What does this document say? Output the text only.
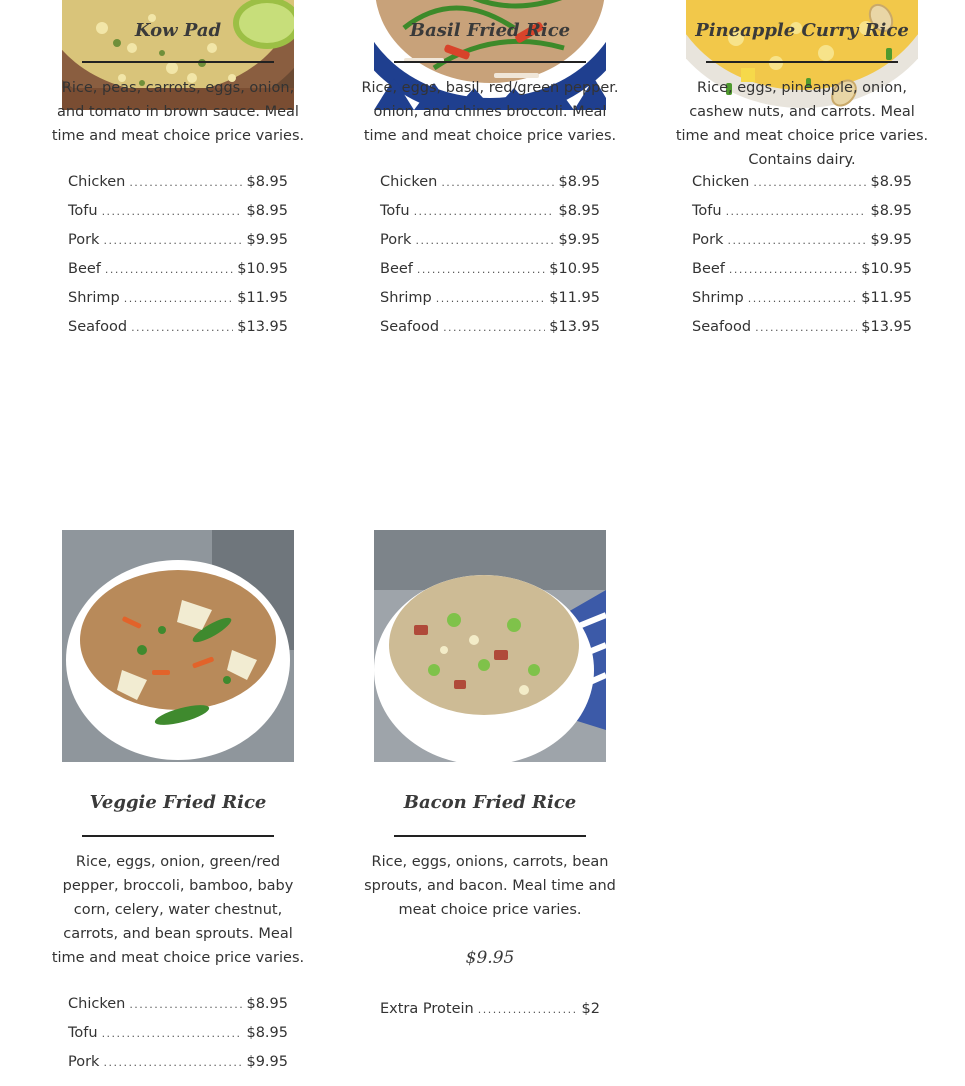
Kow Pad

Rice, peas, carrots, eggs, onion, and tomato in brown sauce. Meal time and meat choice price varies.

Chicken .....	$8.95
Tofu .....	$8.95
Pork .....	$9.95
Beef .....	$10.95
Shrimp .....	$11.95
Seafood .....	$13.95
Basil Fried Rice

Rice, eggs, basil, red/green pepper. onion, and chines broccoli. Meal time and meat choice price varies.

Chicken .....	$8.95
Tofu .....	$8.95
Pork .....	$9.95
Beef .....	$10.95
Shrimp .....	$11.95
Seafood .....	$13.95
Pineapple Curry Rice

Rice, eggs, pineapple, onion, cashew nuts, and carrots. Meal time and meat choice price varies. Contains dairy.

Chicken .....	$8.95
Tofu .....	$8.95
Pork .....	$9.95
Beef .....	$10.95
Shrimp .....	$11.95
Seafood .....	$13.95
Veggie Fried Rice

Rice, eggs, onion, green/red pepper, broccoli, bamboo, baby corn, celery, water chestnut, carrots, and bean sprouts. Meal time and meat choice price varies.

Chicken .....	$8.95
Tofu .....	$8.95
Pork .....	$9.95
Bacon Fried Rice

Rice, eggs, onions, carrots, bean sprouts, and bacon. Meal time and meat choice price varies.

$9.95
Extra Protein .....	$2
